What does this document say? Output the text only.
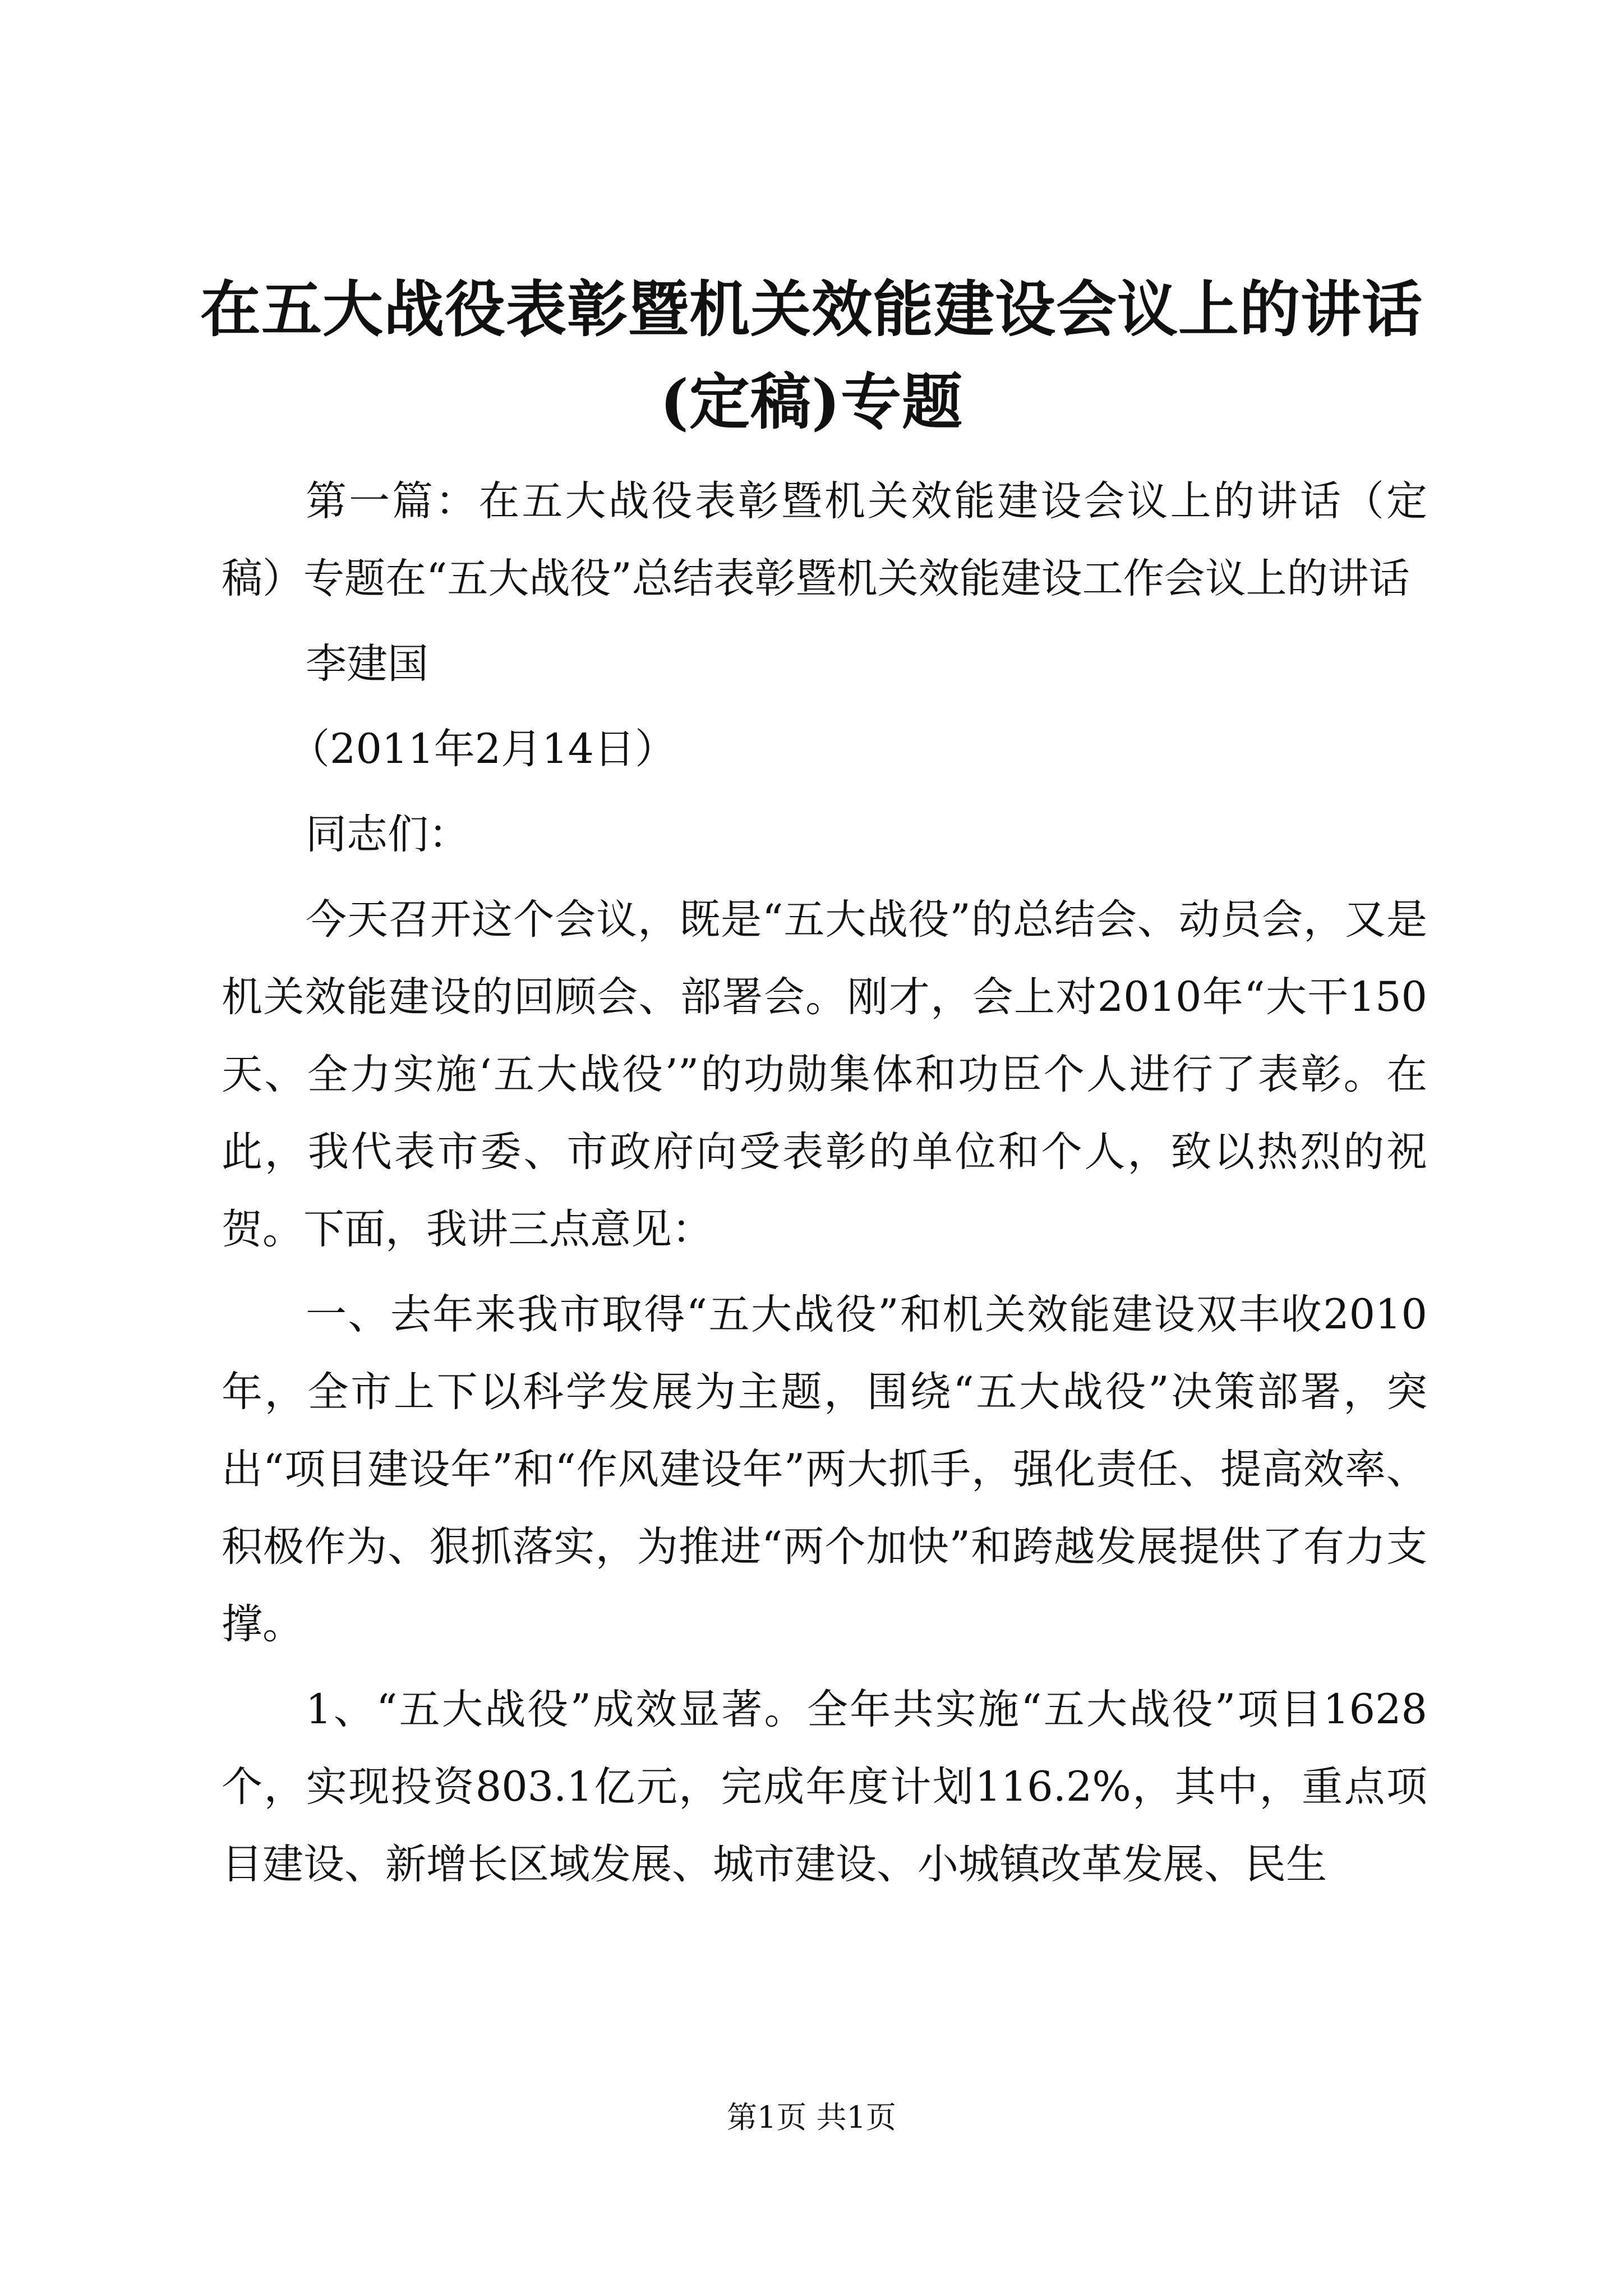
在五大战役表彰暨机关效能建设会议上的讲话
(定稿)专题

第一篇：在五大战役表彰暨机关效能建设会议上的讲话（定稿）专题在“五大战役”总结表彰暨机关效能建设工作会议上的讲话

李建国

（2011年2月14日）

同志们：

今天召开这个会议，既是“五大战役”的总结会、动员会，又是机关效能建设的回顾会、部署会。刚才，会上对2010年“大干150天、全力实施‘五大战役’”的功勋集体和功臣个人进行了表彰。在此，我代表市委、市政府向受表彰的单位和个人，致以热烈的祝贺。下面，我讲三点意见：

一、去年来我市取得“五大战役”和机关效能建设双丰收2010年，全市上下以科学发展为主题，围绕“五大战役”决策部署，突出“项目建设年”和“作风建设年”两大抓手，强化责任、提高效率、积极作为、狠抓落实，为推进“两个加快”和跨越发展提供了有力支撑。

1、“五大战役”成效显著。全年共实施“五大战役”项目1628个，实现投资803.1亿元，完成年度计划116.2%，其中，重点项目建设、新增长区域发展、城市建设、小城镇改革发展、民生

第1页 共1页
